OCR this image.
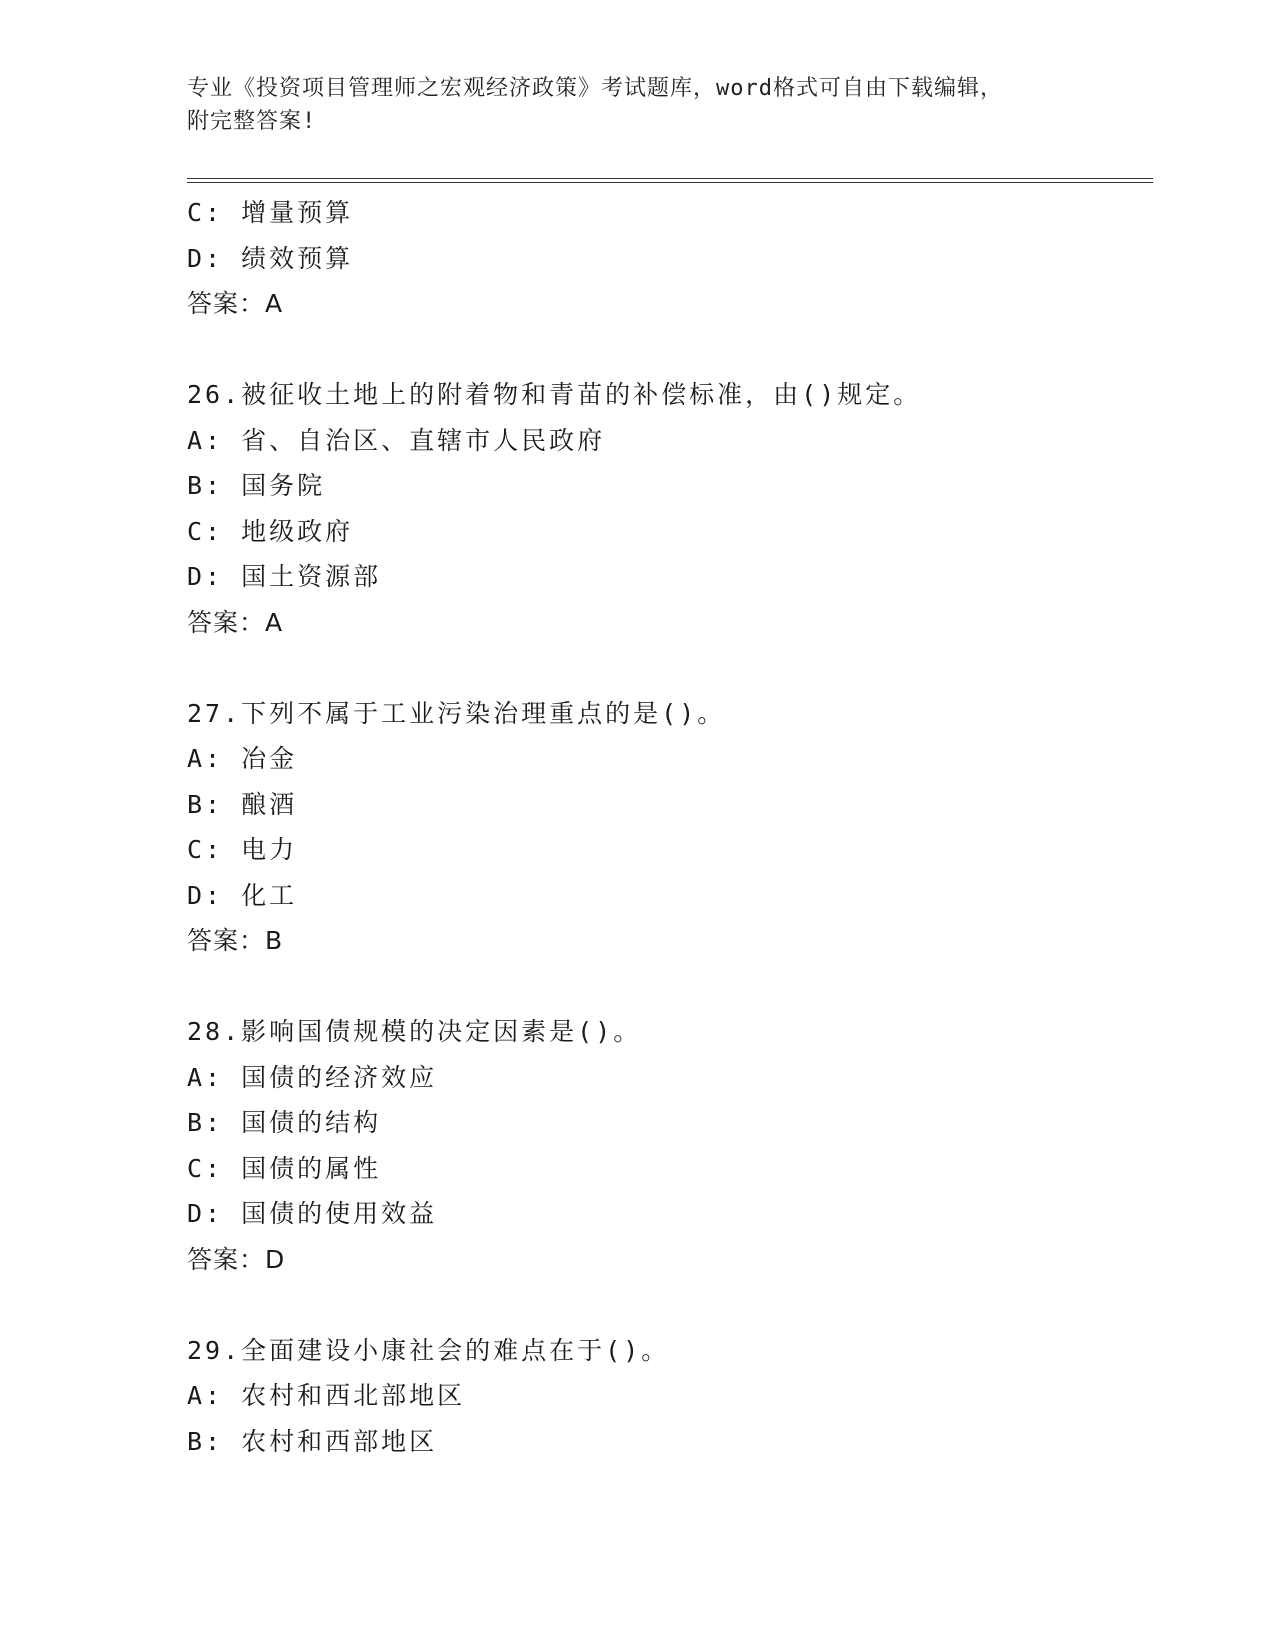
专业《投资项目管理师之宏观经济政策》考试题库，word格式可自由下载编辑，
附完整答案!
C: 增量预算
D: 绩效预算
答案：A
26.被征收土地上的附着物和青苗的补偿标准，由()规定。
A: 省、自治区、直辖市人民政府
B: 国务院
C: 地级政府
D: 国土资源部
答案：A
27.下列不属于工业污染治理重点的是()。
A: 冶金
B: 酿酒
C: 电力
D: 化工
答案：B
28.影响国债规模的决定因素是()。
A: 国债的经济效应
B: 国债的结构
C: 国债的属性
D: 国债的使用效益
答案：D
29.全面建设小康社会的难点在于()。
A: 农村和西北部地区
B: 农村和西部地区
